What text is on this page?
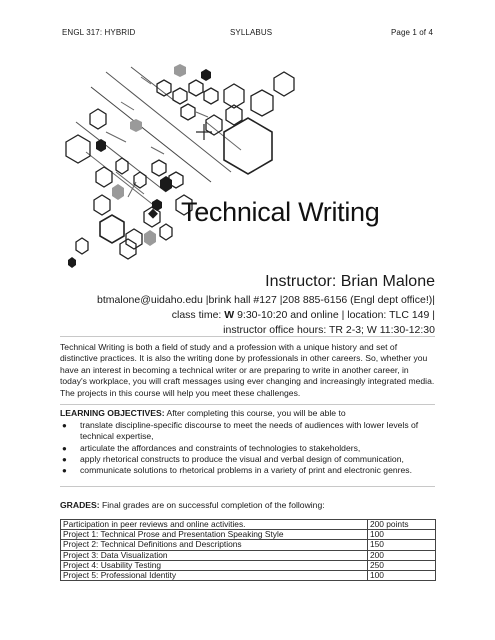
ENGL 317: HYBRID	SYLLABUS	Page 1 of 4
Technical Writing
Instructor: Brian Malone
btmalone@uidaho.edu |brink hall #127 |208 885-6156 (Engl dept office!)|
class time: W 9:30-10:20 and online | location: TLC 149 |
instructor office hours: TR 2-3; W 11:30-12:30
Technical Writing is both a field of study and a profession with a unique history and set of distinctive practices. It is also the writing done by professionals in other careers. So, whether you have an interest in becoming a technical writer or are preparing to write in another career, in today's workplace, you will craft messages using ever changing and increasingly integrated media. The projects in this course will help you meet these challenges.
LEARNING OBJECTIVES: After completing this course, you will be able to
● translate discipline-specific discourse to meet the needs of audiences with lower levels of technical expertise,
● articulate the affordances and constraints of technologies to stakeholders,
● apply rhetorical constructs to produce the visual and verbal design of communication,
● communicate solutions to rhetorical problems in a variety of print and electronic genres.
GRADES: Final grades are on successful completion of the following:
Participation in peer reviews and online activities.	200 points
Project 1: Technical Prose and Presentation Speaking Style	100
Project 2: Technical Definitions and Descriptions	150
Project 3: Data Visualization	200
Project 4: Usability Testing	250
Project 5: Professional Identity	100
